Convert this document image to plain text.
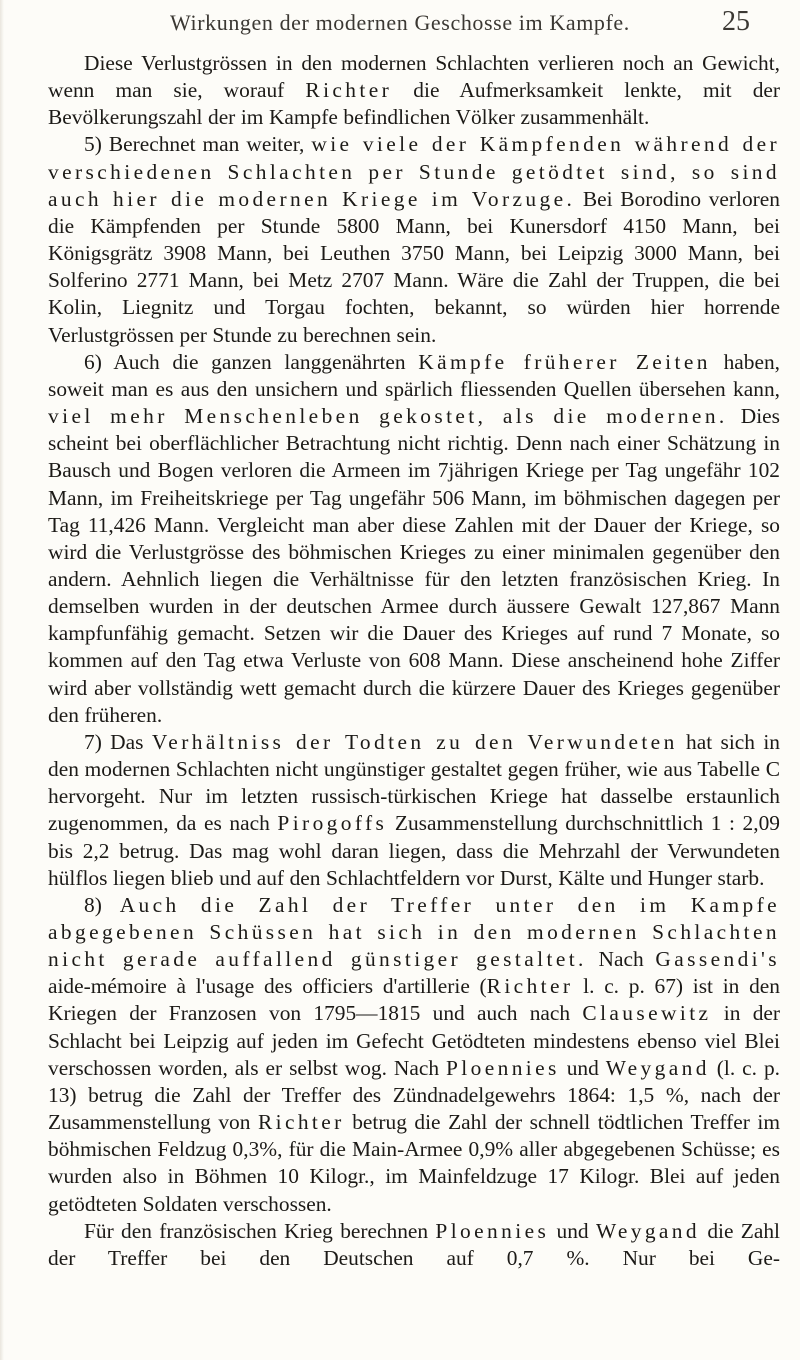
Wirkungen der modernen Geschosse im Kampfe.	25

Diese Verlustgrössen in den modernen Schlachten verlieren noch an Gewicht, wenn man sie, worauf Richter die Aufmerksamkeit lenkte, mit der Bevölkerungszahl der im Kampfe befindlichen Völker zusammenhält.

5) Berechnet man weiter, wie viele der Kämpfenden während der verschiedenen Schlachten per Stunde getödtet sind, so sind auch hier die modernen Kriege im Vorzuge. Bei Borodino verloren die Kämpfenden per Stunde 5800 Mann, bei Kunersdorf 4150 Mann, bei Königsgrätz 3908 Mann, bei Leuthen 3750 Mann, bei Leipzig 3000 Mann, bei Solferino 2771 Mann, bei Metz 2707 Mann. Wäre die Zahl der Truppen, die bei Kolin, Liegnitz und Torgau fochten, bekannt, so würden hier horrende Verlustgrössen per Stunde zu berechnen sein.

6) Auch die ganzen langgenährten Kämpfe früherer Zeiten haben, soweit man es aus den unsichern und spärlich fliessenden Quellen übersehen kann, viel mehr Menschenleben gekostet, als die modernen. Dies scheint bei oberflächlicher Betrachtung nicht richtig. Denn nach einer Schätzung in Bausch und Bogen verloren die Armeen im 7jährigen Kriege per Tag ungefähr 102 Mann, im Freiheitskriege per Tag ungefähr 506 Mann, im böhmischen dagegen per Tag 11,426 Mann. Vergleicht man aber diese Zahlen mit der Dauer der Kriege, so wird die Verlustgrösse des böhmischen Krieges zu einer minimalen gegenüber den andern. Aehnlich liegen die Verhältnisse für den letzten französischen Krieg. In demselben wurden in der deutschen Armee durch äussere Gewalt 127,867 Mann kampfunfähig gemacht. Setzen wir die Dauer des Krieges auf rund 7 Monate, so kommen auf den Tag etwa Verluste von 608 Mann. Diese anscheinend hohe Ziffer wird aber vollständig wett gemacht durch die kürzere Dauer des Krieges gegenüber den früheren.

7) Das Verhältniss der Todten zu den Verwundeten hat sich in den modernen Schlachten nicht ungünstiger gestaltet gegen früher, wie aus Tabelle C hervorgeht. Nur im letzten russisch-türkischen Kriege hat dasselbe erstaunlich zugenommen, da es nach Pirogoffs Zusammenstellung durchschnittlich 1 : 2,09 bis 2,2 betrug. Das mag wohl daran liegen, dass die Mehrzahl der Verwundeten hülflos liegen blieb und auf den Schlachtfeldern vor Durst, Kälte und Hunger starb.

8) Auch die Zahl der Treffer unter den im Kampfe abgegebenen Schüssen hat sich in den modernen Schlachten nicht gerade auffallend günstiger gestaltet. Nach Gassendi's aide-mémoire à l'usage des officiers d'artillerie (Richter l. c. p. 67) ist in den Kriegen der Franzosen von 1795—1815 und auch nach Clausewitz in der Schlacht bei Leipzig auf jeden im Gefecht Getödteten mindestens ebenso viel Blei verschossen worden, als er selbst wog. Nach Ploennies und Weygand (l. c. p. 13) betrug die Zahl der Treffer des Zündnadelgewehrs 1864: 1,5 %, nach der Zusammenstellung von Richter betrug die Zahl der schnell tödtlichen Treffer im böhmischen Feldzug 0,3%, für die Main-Armee 0,9% aller abgegebenen Schüsse; es wurden also in Böhmen 10 Kilogr., im Mainfeldzuge 17 Kilogr. Blei auf jeden getödteten Soldaten verschossen.

Für den französischen Krieg berechnen Ploennies und Weygand die Zahl der Treffer bei den Deutschen auf 0,7 %. Nur bei Ge-
